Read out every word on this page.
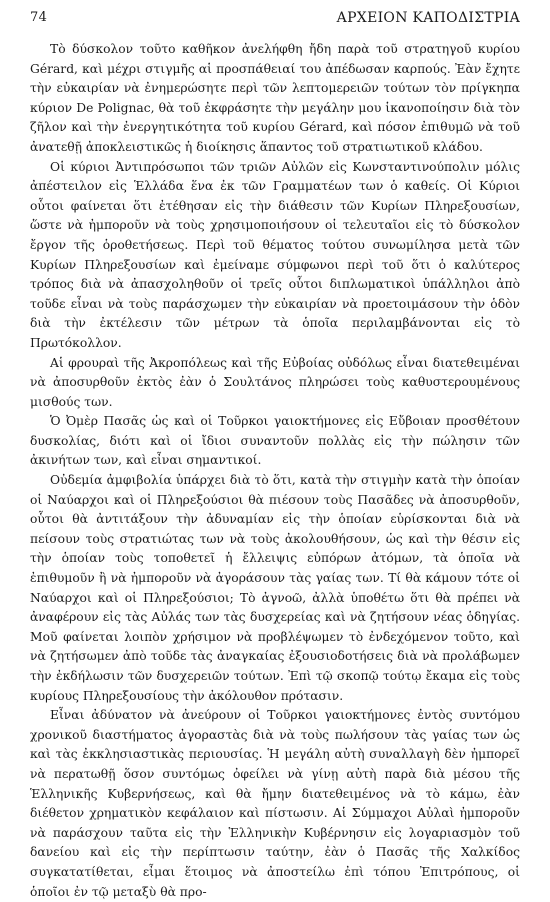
74	ΑΡΧΕΙΟΝ ΚΑΠΟΔΙΣΤΡΙΑ

Τὸ δύσκολον τοῦτο καθῆκον ἀνελήφθη ἤδη παρὰ τοῦ στρατηγοῦ κυρίου Gérard, καὶ μέχρι στιγμῆς αἱ προσπάθειαί του ἀπέδωσαν καρπούς. Ἐὰν ἔχητε τὴν εὐκαιρίαν νὰ ἐνημερώσητε περὶ τῶν λεπτομερειῶν τούτων τὸν πρίγκηπα κύριον De Polignac, θὰ τοῦ ἐκφράσητε τὴν μεγάλην μου ἱκανοποίησιν διὰ τὸν ζῆλον καὶ τὴν ἐνεργητικότητα τοῦ κυρίου Gérard, καὶ πόσον ἐπιθυμῶ νὰ τοῦ ἀνατεθῇ ἀποκλειστικῶς ἡ διοίκησις ἅπαντος τοῦ στρατιωτικοῦ κλάδου.

Οἱ κύριοι Ἀντιπρόσωποι τῶν τριῶν Αὐλῶν εἰς Κωνσταντινούπολιν μόλις ἀπέστειλον εἰς Ἑλλάδα ἕνα ἐκ τῶν Γραμματέων των ὁ καθείς. Οἱ Κύριοι οὗτοι φαίνεται ὅτι ἐτέθησαν εἰς τὴν διάθεσιν τῶν Κυρίων Πληρεξουσίων, ὥστε νὰ ἠμποροῦν νὰ τοὺς χρησιμοποιήσουν οἱ τελευταῖοι εἰς τὸ δύσκολον ἔργον τῆς ὁροθετήσεως. Περὶ τοῦ θέματος τούτου συνωμίλησα μετὰ τῶν Κυρίων Πληρεξουσίων καὶ ἐμείναμε σύμφωνοι περὶ τοῦ ὅτι ὁ καλύτερος τρόπος διὰ νὰ ἀπασχοληθοῦν οἱ τρεῖς οὗτοι διπλωματικοὶ ὑπάλληλοι ἀπὸ τοῦδε εἶναι νὰ τοὺς παράσχωμεν τὴν εὐκαιρίαν νὰ προετοιμάσουν τὴν ὁδὸν διὰ τὴν ἐκτέλεσιν τῶν μέτρων τὰ ὁποῖα περιλαμβάνονται εἰς τὸ Πρωτόκολλον.

Αἱ φρουραὶ τῆς Ἀκροπόλεως καὶ τῆς Εὐβοίας οὐδόλως εἶναι διατεθειμέναι νὰ ἀποσυρθοῦν ἐκτὸς ἐὰν ὁ Σουλτάνος πληρώσει τοὺς καθυστερουμένους μισθούς των.

Ὁ Ὀμὲρ Πασᾶς ὡς καὶ οἱ Τοῦρκοι γαιοκτήμονες εἰς Εὔβοιαν προσθέτουν δυσκολίας, διότι καὶ οἱ ἴδιοι συναντοῦν πολλὰς εἰς τὴν πώλησιν τῶν ἀκινήτων των, καὶ εἶναι σημαντικοί.

Οὐδεμία ἀμφιβολία ὑπάρχει διὰ τὸ ὅτι, κατὰ τὴν στιγμὴν κατὰ τὴν ὁποίαν οἱ Ναύαρχοι καὶ οἱ Πληρεξούσιοι θὰ πιέσουν τοὺς Πασᾶδες νὰ ἀποσυρθοῦν, οὗτοι θὰ ἀντιτάξουν τὴν ἀδυναμίαν εἰς τὴν ὁποίαν εὑρίσκονται διὰ νὰ πείσουν τοὺς στρατιώτας των νὰ τοὺς ἀκολουθήσουν, ὡς καὶ τὴν θέσιν εἰς τὴν ὁποίαν τοὺς τοποθετεῖ ἡ ἔλλειψις εὐπόρων ἀτόμων, τὰ ὁποῖα νὰ ἐπιθυμοῦν ἢ νὰ ἠμποροῦν νὰ ἀγοράσουν τὰς γαίας των. Τί θὰ κάμουν τότε οἱ Ναύαρχοι καὶ οἱ Πληρεξούσιοι; Τὸ ἀγνοῶ, ἀλλὰ ὑποθέτω ὅτι θὰ πρέπει νὰ ἀναφέρουν εἰς τὰς Αὐλάς των τὰς δυσχερείας καὶ νὰ ζητήσουν νέας ὁδηγίας. Μοῦ φαίνεται λοιπὸν χρήσιμον νὰ προβλέψωμεν τὸ ἐνδεχόμενον τοῦτο, καὶ νὰ ζητήσωμεν ἀπὸ τοῦδε τὰς ἀναγκαίας ἐξουσιοδοτήσεις διὰ νὰ προλάβωμεν τὴν ἐκδήλωσιν τῶν δυσχερειῶν τούτων. Ἐπὶ τῷ σκοπῷ τούτῳ ἔκαμα εἰς τοὺς κυρίους Πληρεξουσίους τὴν ἀκόλουθον πρότασιν.

Εἶναι ἀδύνατον νὰ ἀνεύρουν οἱ Τοῦρκοι γαιοκτήμονες ἐντὸς συντόμου χρονικοῦ διαστήματος ἀγοραστὰς διὰ νὰ τοὺς πωλήσουν τὰς γαίας των ὡς καὶ τὰς ἐκκλησιαστικὰς περιουσίας. Ἡ μεγάλη αὐτὴ συναλλαγὴ δὲν ἠμπορεῖ νὰ περατωθῇ ὅσον συντόμως ὀφείλει νὰ γίνῃ αὐτὴ παρὰ διὰ μέσου τῆς Ἑλληνικῆς Κυβερνήσεως, καὶ θὰ ἤμην διατεθειμένος νὰ τὸ κάμω, ἐὰν διέθετον χρηματικὸν κεφάλαιον καὶ πίστωσιν. Αἱ Σύμμαχοι Αὐλαὶ ἠμποροῦν νὰ παράσχουν ταῦτα εἰς τὴν Ἑλληνικὴν Κυβέρνησιν εἰς λογαριασμὸν τοῦ δανείου καὶ εἰς τὴν περίπτωσιν ταύτην, ἐὰν ὁ Πασᾶς τῆς Χαλκίδος συγκατατίθεται, εἶμαι ἕτοιμος νὰ ἀποστείλω ἐπὶ τόπου Ἐπιτρόπους, οἱ ὁποῖοι ἐν τῷ μεταξὺ θὰ προ-
